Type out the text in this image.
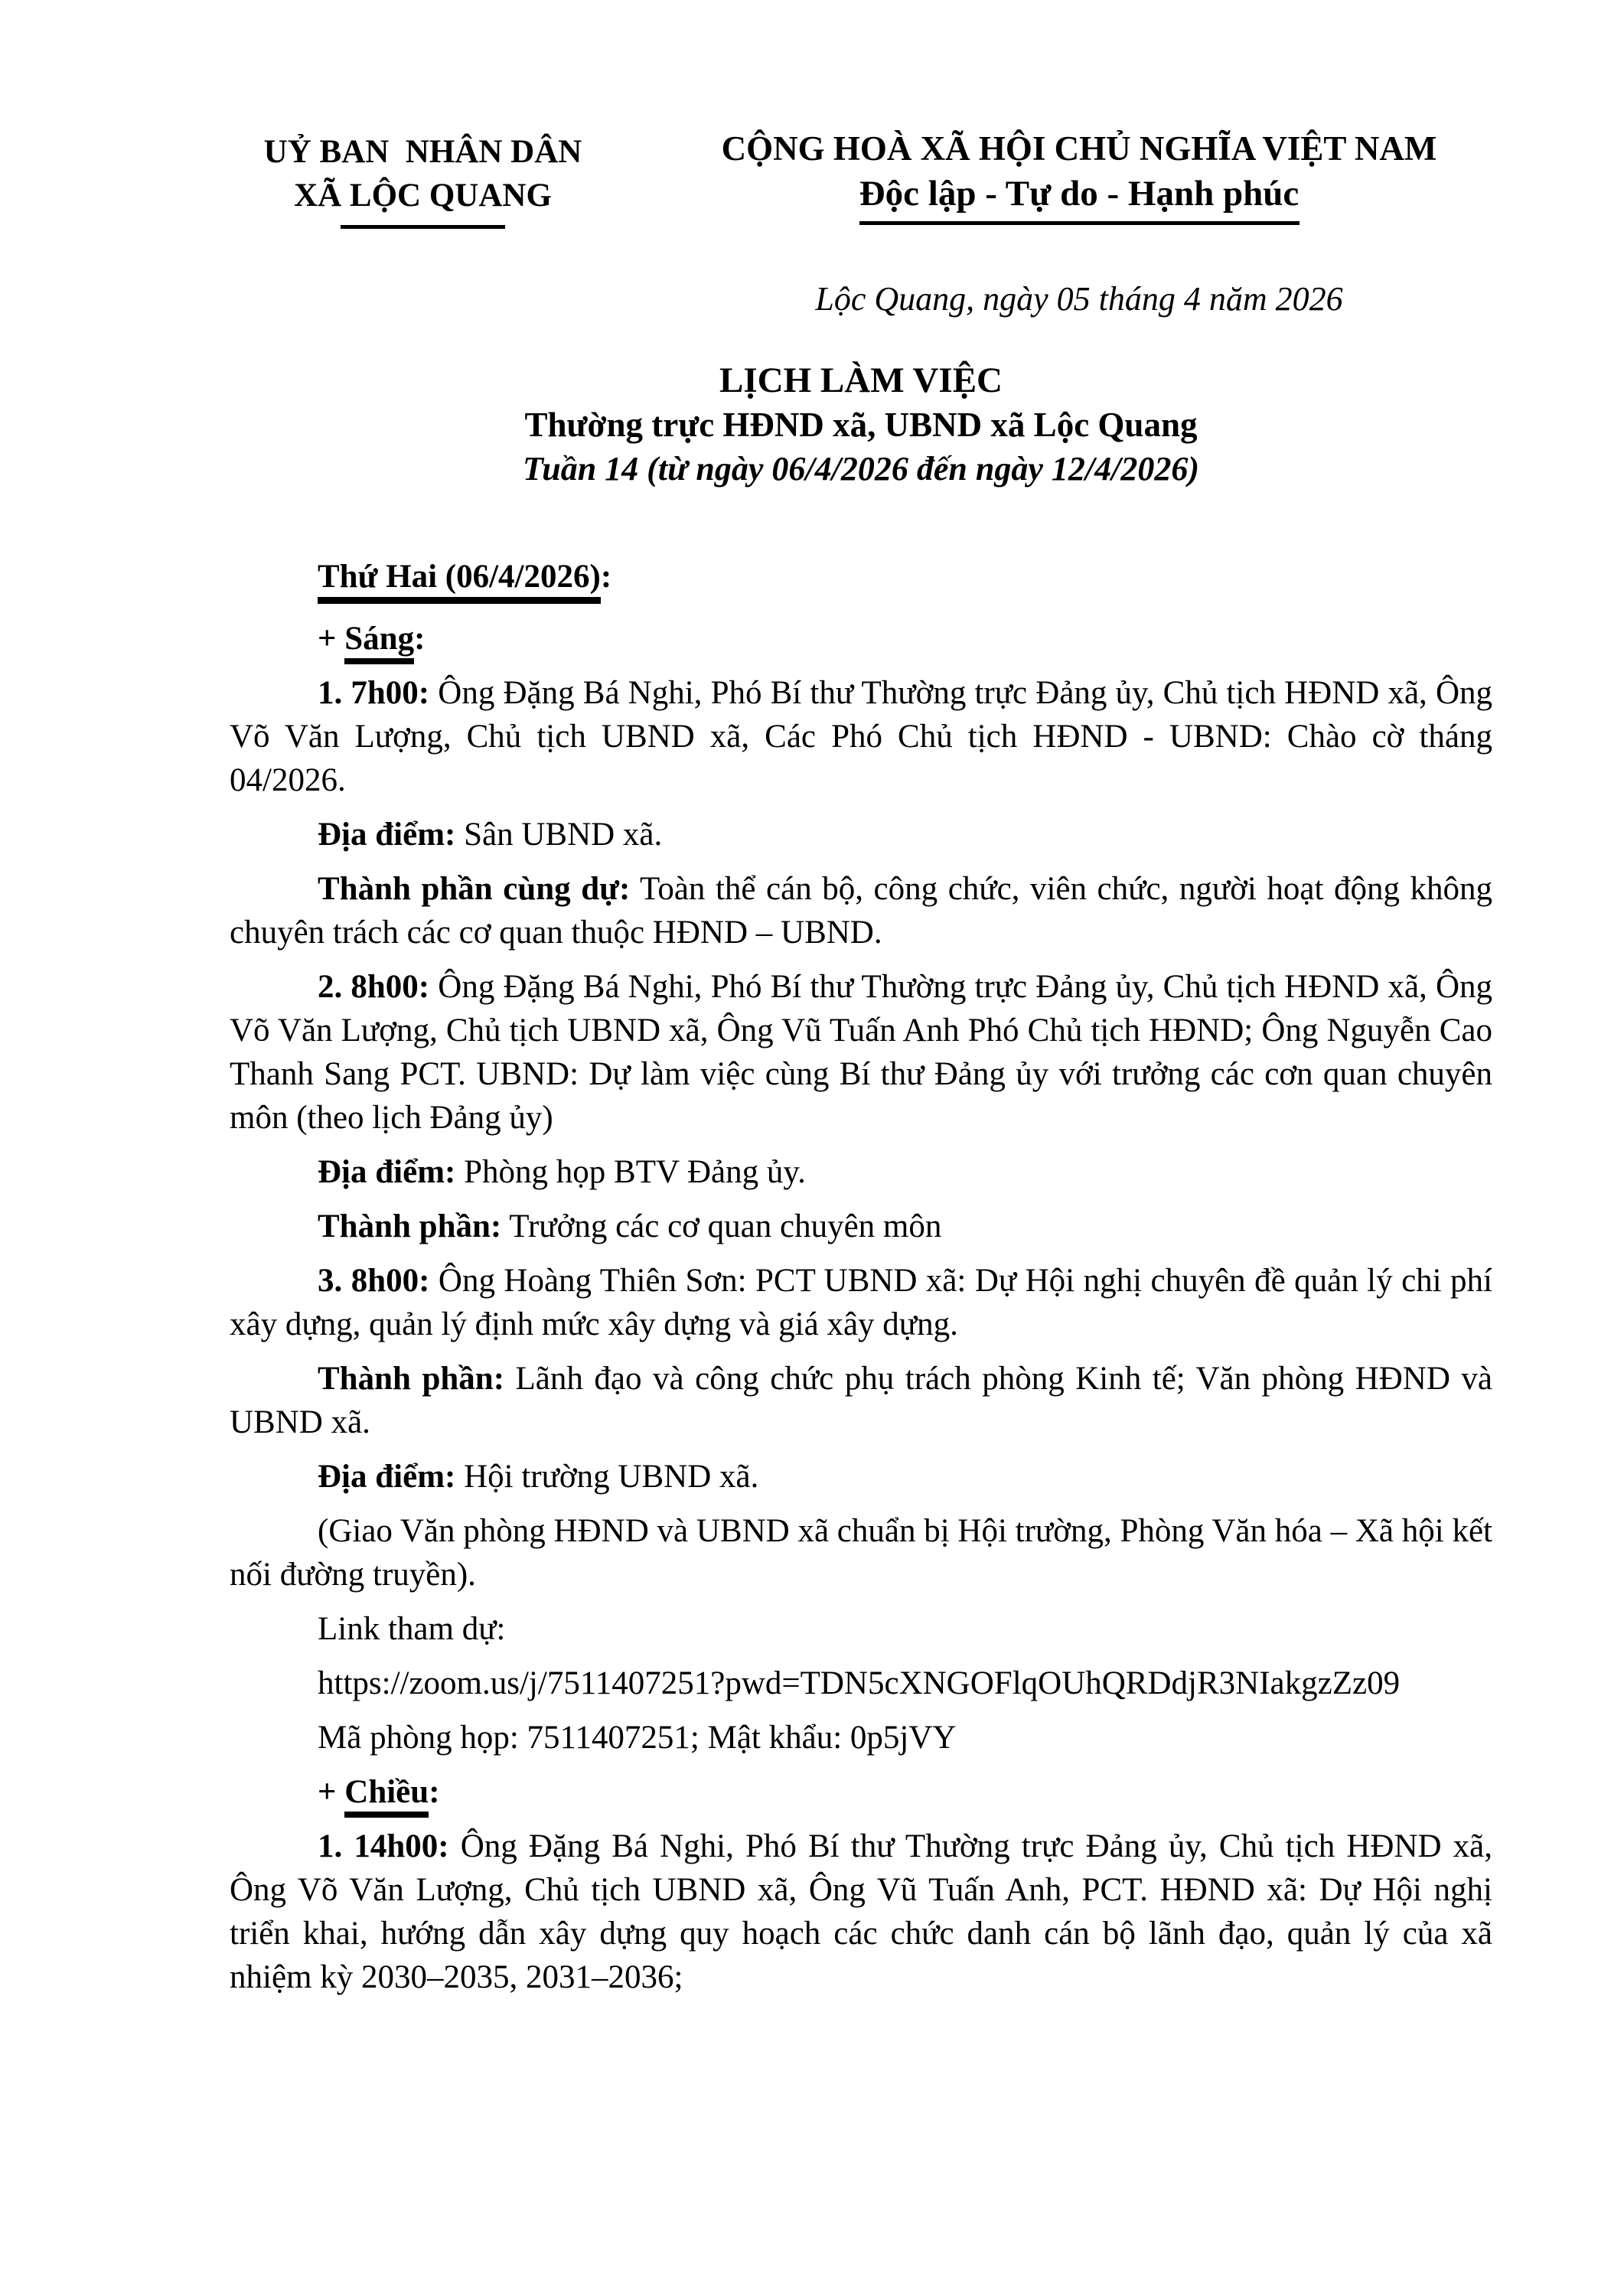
UỶ BAN  NHÂN DÂN
XÃ LỘC QUANG
CỘNG HOÀ XÃ HỘI CHỦ NGHĨA VIỆT NAM
Độc lập - Tự do - Hạnh phúc
Lộc Quang, ngày 05 tháng 4 năm 2026
LỊCH LÀM VIỆC
Thường trực HĐND xã, UBND xã Lộc Quang
Tuần 14 (từ ngày 06/4/2026 đến ngày 12/4/2026)

Thứ Hai (06/4/2026):

+ Sáng:

1. 7h00: Ông Đặng Bá Nghi, Phó Bí thư Thường trực Đảng ủy, Chủ tịch HĐND xã, Ông Võ Văn Lượng, Chủ tịch UBND xã, Các Phó Chủ tịch HĐND - UBND: Chào cờ tháng 04/2026.

Địa điểm: Sân UBND xã.

Thành phần cùng dự: Toàn thể cán bộ, công chức, viên chức, người hoạt động không chuyên trách các cơ quan thuộc HĐND – UBND.

2. 8h00: Ông Đặng Bá Nghi, Phó Bí thư Thường trực Đảng ủy, Chủ tịch HĐND xã, Ông Võ Văn Lượng, Chủ tịch UBND xã, Ông Vũ Tuấn Anh Phó Chủ tịch HĐND; Ông Nguyễn Cao Thanh Sang PCT. UBND: Dự làm việc cùng Bí thư Đảng ủy với trưởng các cơn quan chuyên môn (theo lịch Đảng ủy)

Địa điểm: Phòng họp BTV Đảng ủy.

Thành phần: Trưởng các cơ quan chuyên môn

3. 8h00: Ông Hoàng Thiên Sơn: PCT UBND xã: Dự Hội nghị chuyên đề quản lý chi phí xây dựng, quản lý định mức xây dựng và giá xây dựng.

Thành phần: Lãnh đạo và công chức phụ trách phòng Kinh tế; Văn phòng HĐND và UBND xã.

Địa điểm: Hội trường UBND xã.

(Giao Văn phòng HĐND và UBND xã chuẩn bị Hội trường, Phòng Văn hóa – Xã hội kết nối đường truyền).

Link tham dự:

https://zoom.us/j/7511407251?pwd=TDN5cXNGOFlqOUhQRDdjR3NIakgzZz09

Mã phòng họp: 7511407251; Mật khẩu: 0p5jVY

+ Chiều:

1. 14h00: Ông Đặng Bá Nghi, Phó Bí thư Thường trực Đảng ủy, Chủ tịch HĐND xã, Ông Võ Văn Lượng, Chủ tịch UBND xã, Ông Vũ Tuấn Anh, PCT. HĐND xã: Dự Hội nghị triển khai, hướng dẫn xây dựng quy hoạch các chức danh cán bộ lãnh đạo, quản lý của xã nhiệm kỳ 2030–2035, 2031–2036;
